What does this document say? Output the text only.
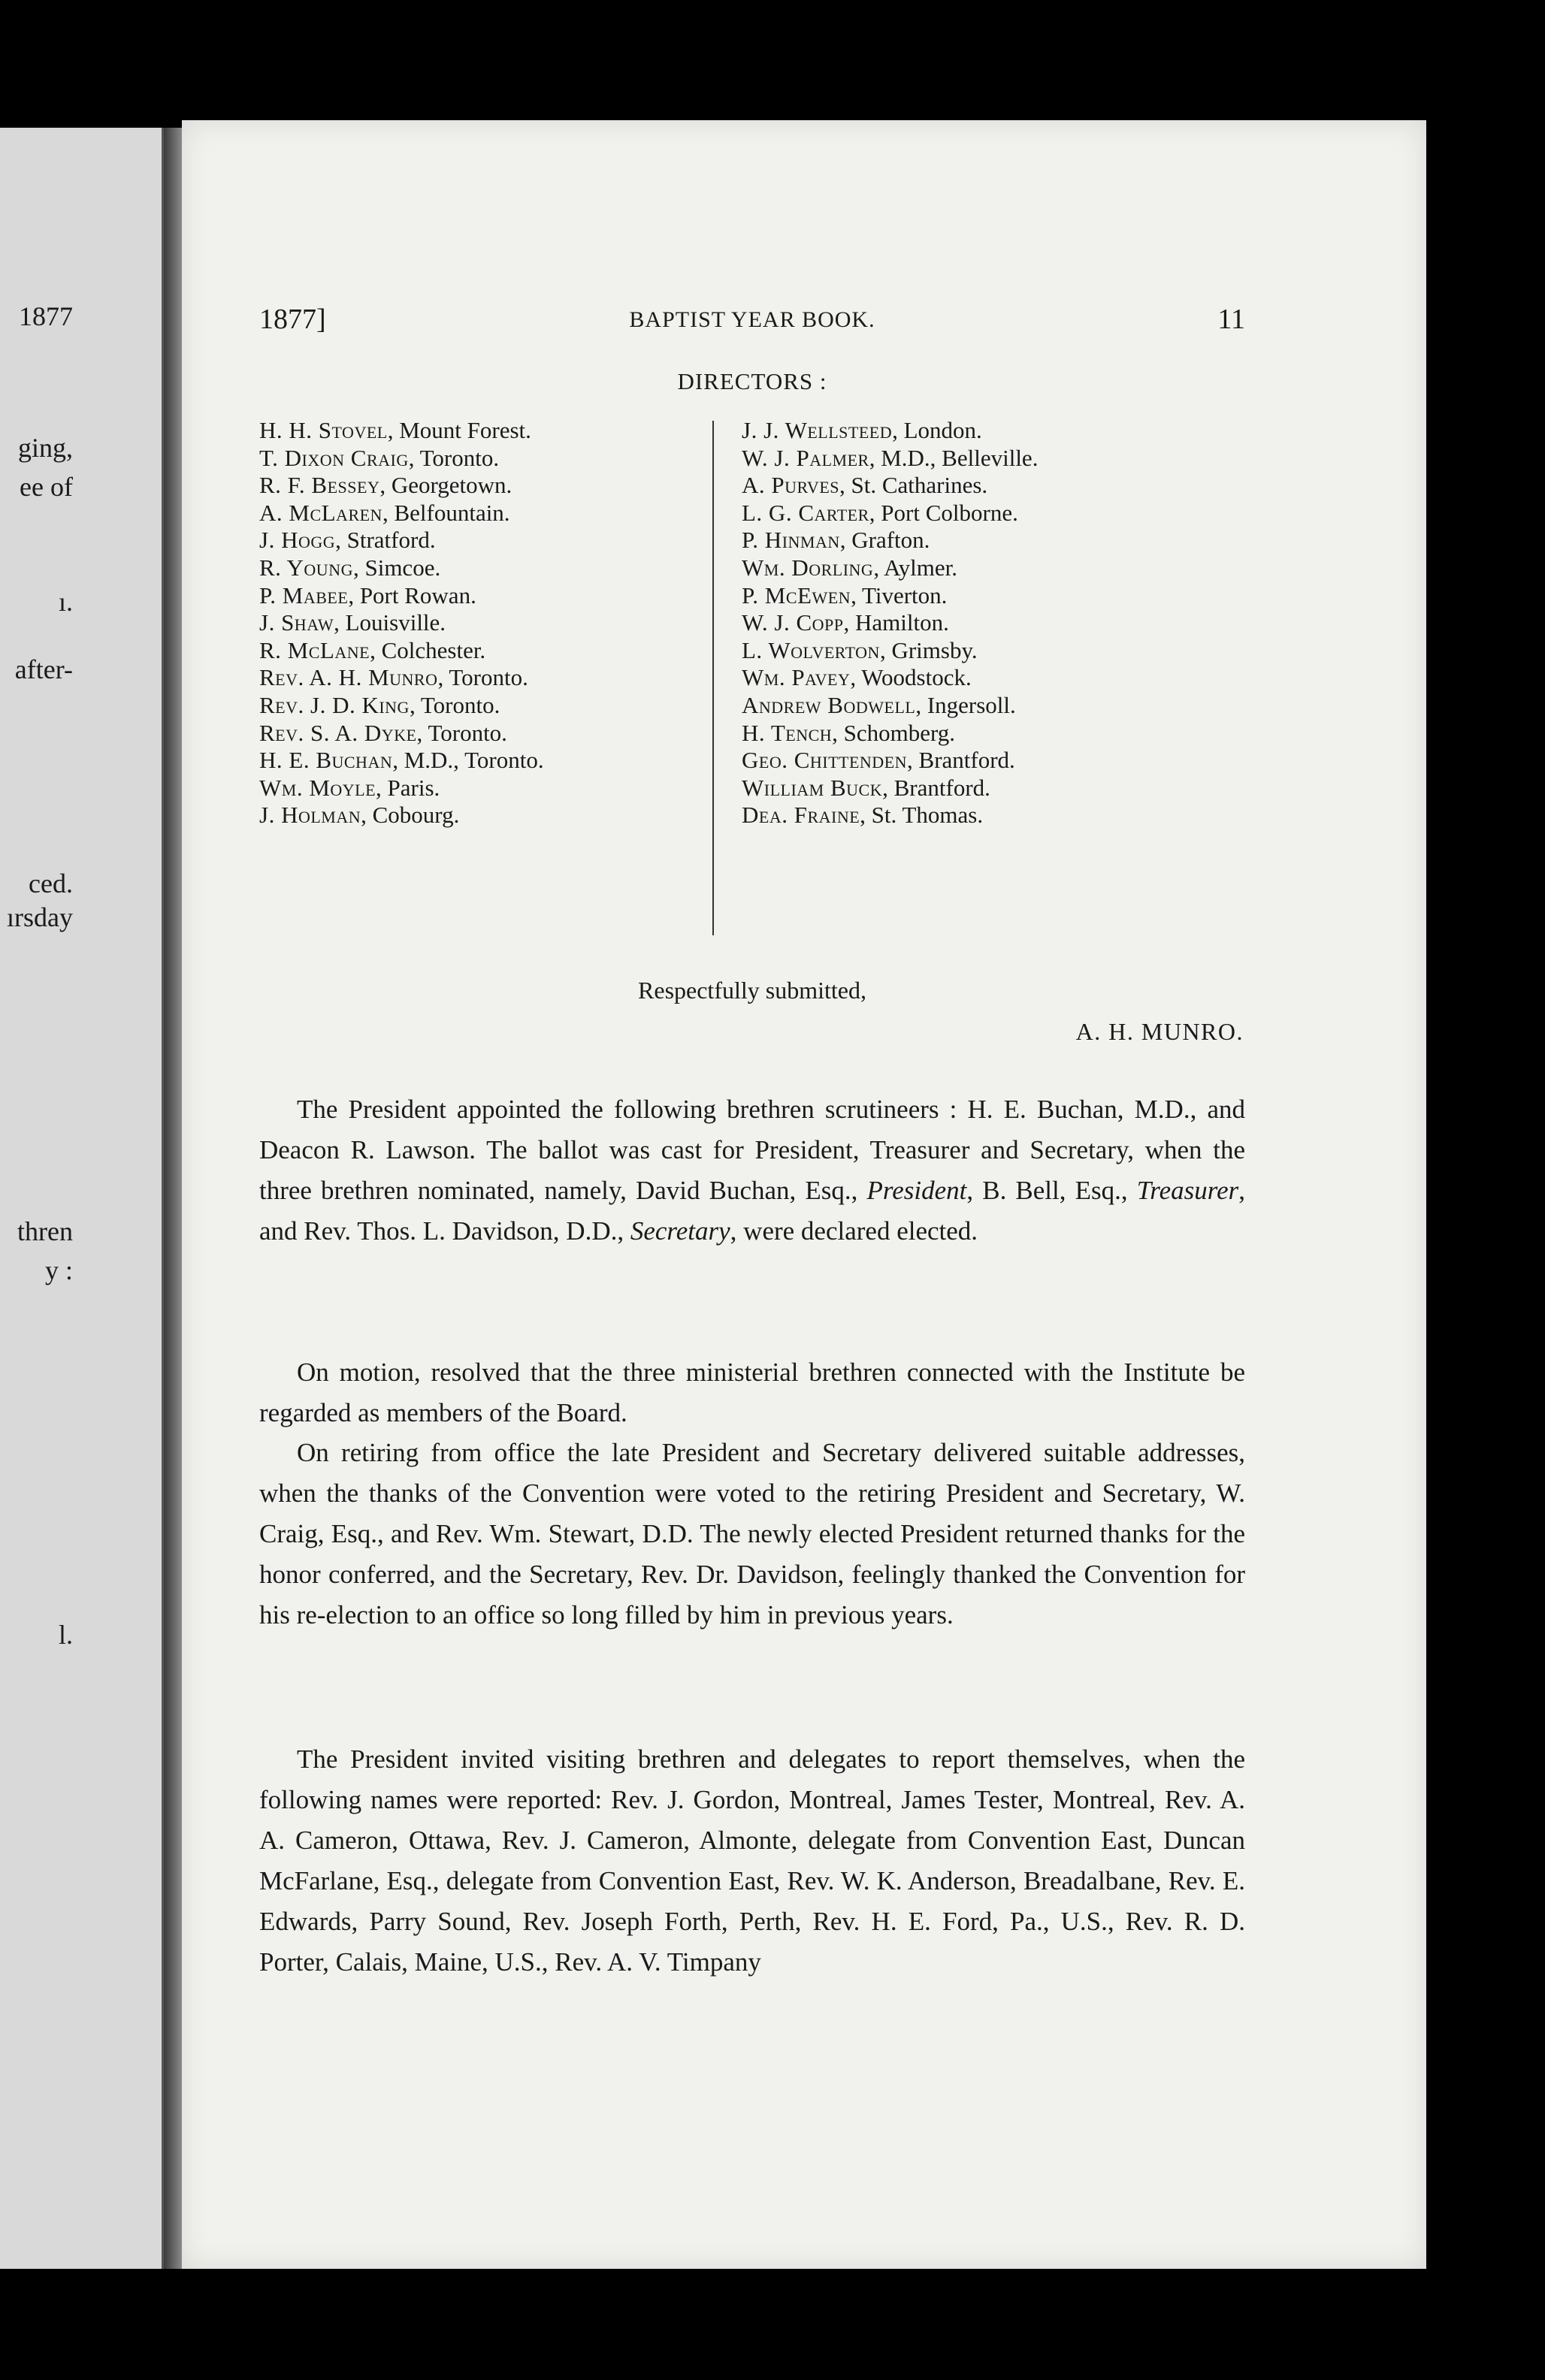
1877
ging,
ee of
ı.
after-
ced.
ırsday
thren
y :
l.
1877]	BAPTIST YEAR BOOK.	11
DIRECTORS :
H. H. Stovel, Mount Forest.
T. Dixon Craig, Toronto.
R. F. Bessey, Georgetown.
A. McLaren, Belfountain.
J. Hogg, Stratford.
R. Young, Simcoe.
P. Mabee, Port Rowan.
J. Shaw, Louisville.
R. McLane, Colchester.
Rev. A. H. Munro, Toronto.
Rev. J. D. King, Toronto.
Rev. S. A. Dyke, Toronto.
H. E. Buchan, M.D., Toronto.
Wm. Moyle, Paris.
J. Holman, Cobourg.
J. J. Wellsteed, London.
W. J. Palmer, M.D., Belleville.
A. Purves, St. Catharines.
L. G. Carter, Port Colborne.
P. Hinman, Grafton.
Wm. Dorling, Aylmer.
P. McEwen, Tiverton.
W. J. Copp, Hamilton.
L. Wolverton, Grimsby.
Wm. Pavey, Woodstock.
Andrew Bodwell, Ingersoll.
H. Tench, Schomberg.
Geo. Chittenden, Brantford.
William Buck, Brantford.
Dea. Fraine, St. Thomas.
Respectfully submitted,
A. H. MUNRO.

The President appointed the following brethren scrutineers : H. E. Buchan, M.D., and Deacon R. Lawson. The ballot was cast for President, Treasurer and Secretary, when the three brethren nominated, namely, David Buchan, Esq., President, B. Bell, Esq., Treasurer, and Rev. Thos. L. Davidson, D.D., Secretary, were declared elected.

On motion, resolved that the three ministerial brethren connected with the Institute be regarded as members of the Board.

On retiring from office the late President and Secretary delivered suitable addresses, when the thanks of the Convention were voted to the retiring President and Secretary, W. Craig, Esq., and Rev. Wm. Stewart, D.D. The newly elected President returned thanks for the honor conferred, and the Secretary, Rev. Dr. Davidson, feelingly thanked the Convention for his re-election to an office so long filled by him in previous years.

The President invited visiting brethren and delegates to report themselves, when the following names were reported: Rev. J. Gordon, Montreal, James Tester, Montreal, Rev. A. A. Cameron, Ottawa, Rev. J. Cameron, Almonte, delegate from Convention East, Duncan McFarlane, Esq., delegate from Convention East, Rev. W. K. Anderson, Breadalbane, Rev. E. Edwards, Parry Sound, Rev. Joseph Forth, Perth, Rev. H. E. Ford, Pa., U.S., Rev. R. D. Porter, Calais, Maine, U.S., Rev. A. V. Timpany
